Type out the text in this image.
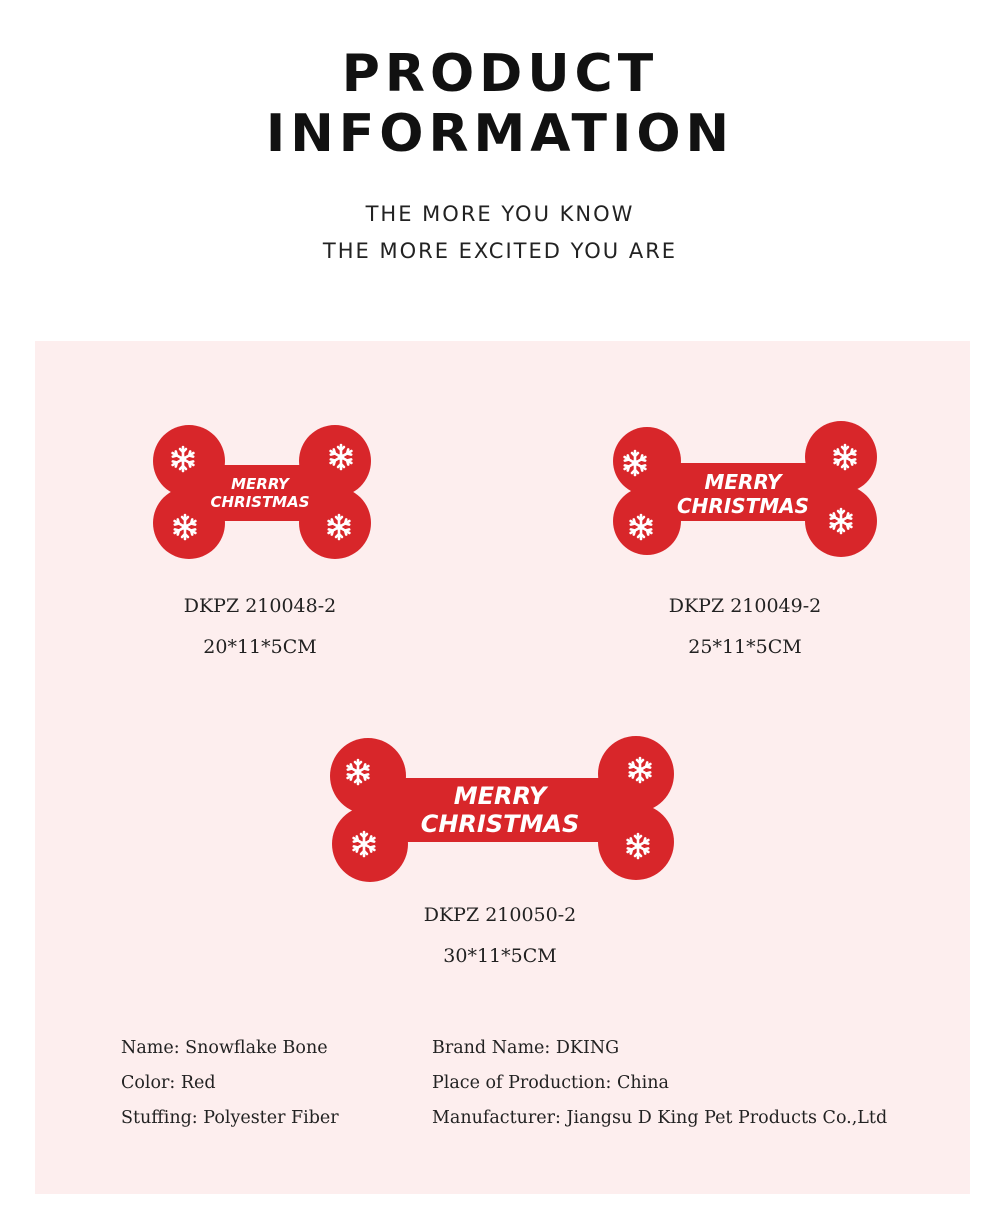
PRODUCT
INFORMATION

THE MORE YOU KNOW
THE MORE EXCITED YOU ARE

MERRY
CHRISTMAS
DKPZ 210048-2
20*11*5CM
MERRY
CHRISTMAS
DKPZ 210049-2
25*11*5CM
MERRY
CHRISTMAS
DKPZ 210050-2
30*11*5CM
Name: Snowflake Bone
Color: Red
Stuffing: Polyester Fiber
Brand Name: DKING
Place of Production: China
Manufacturer: Jiangsu D King Pet Products Co.,Ltd
